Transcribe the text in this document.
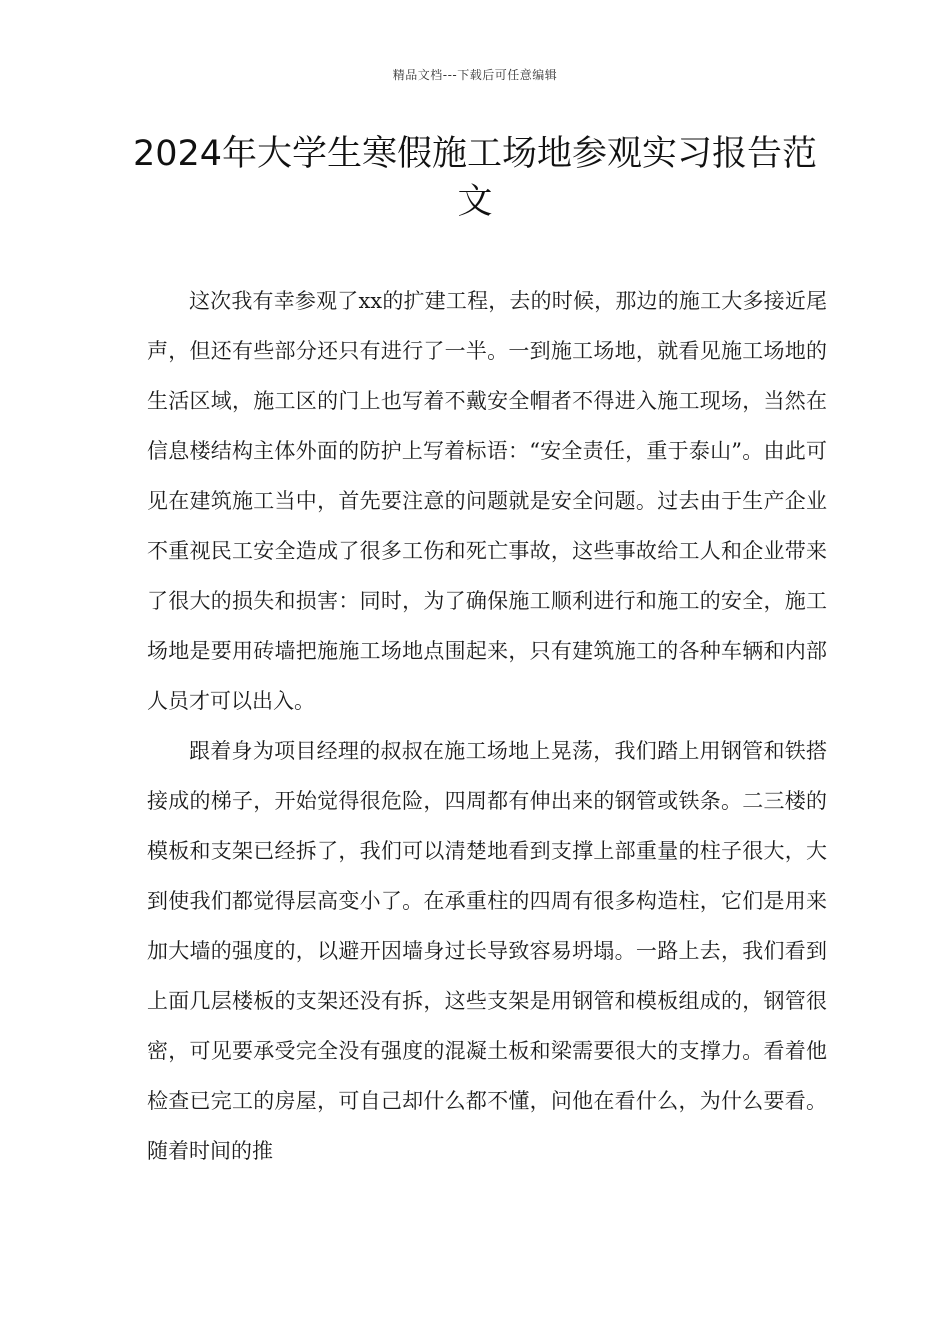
精品文档---下载后可任意编辑
2024年大学生寒假施工场地参观实习报告范文

这次我有幸参观了xx的扩建工程，去的时候，那边的施工大多接近尾声，但还有些部分还只有进行了一半。一到施工场地，就看见施工场地的生活区域，施工区的门上也写着不戴安全帽者不得进入施工现场，当然在信息楼结构主体外面的防护上写着标语：“安全责任，重于泰山”。由此可见在建筑施工当中，首先要注意的问题就是安全问题。过去由于生产企业不重视民工安全造成了很多工伤和死亡事故，这些事故给工人和企业带来了很大的损失和损害：同时，为了确保施工顺利进行和施工的安全，施工场地是要用砖墙把施施工场地点围起来，只有建筑施工的各种车辆和内部人员才可以出入。

跟着身为项目经理的叔叔在施工场地上晃荡，我们踏上用钢管和铁搭接成的梯子，开始觉得很危险，四周都有伸出来的钢管或铁条。二三楼的模板和支架已经拆了，我们可以清楚地看到支撑上部重量的柱子很大，大到使我们都觉得层高变小了。在承重柱的四周有很多构造柱，它们是用来加大墙的强度的，以避开因墙身过长导致容易坍塌。一路上去，我们看到上面几层楼板的支架还没有拆，这些支架是用钢管和模板组成的，钢管很密，可见要承受完全没有强度的混凝土板和梁需要很大的支撑力。看着他检查已完工的房屋，可自己却什么都不懂，问他在看什么，为什么要看。随着时间的推
